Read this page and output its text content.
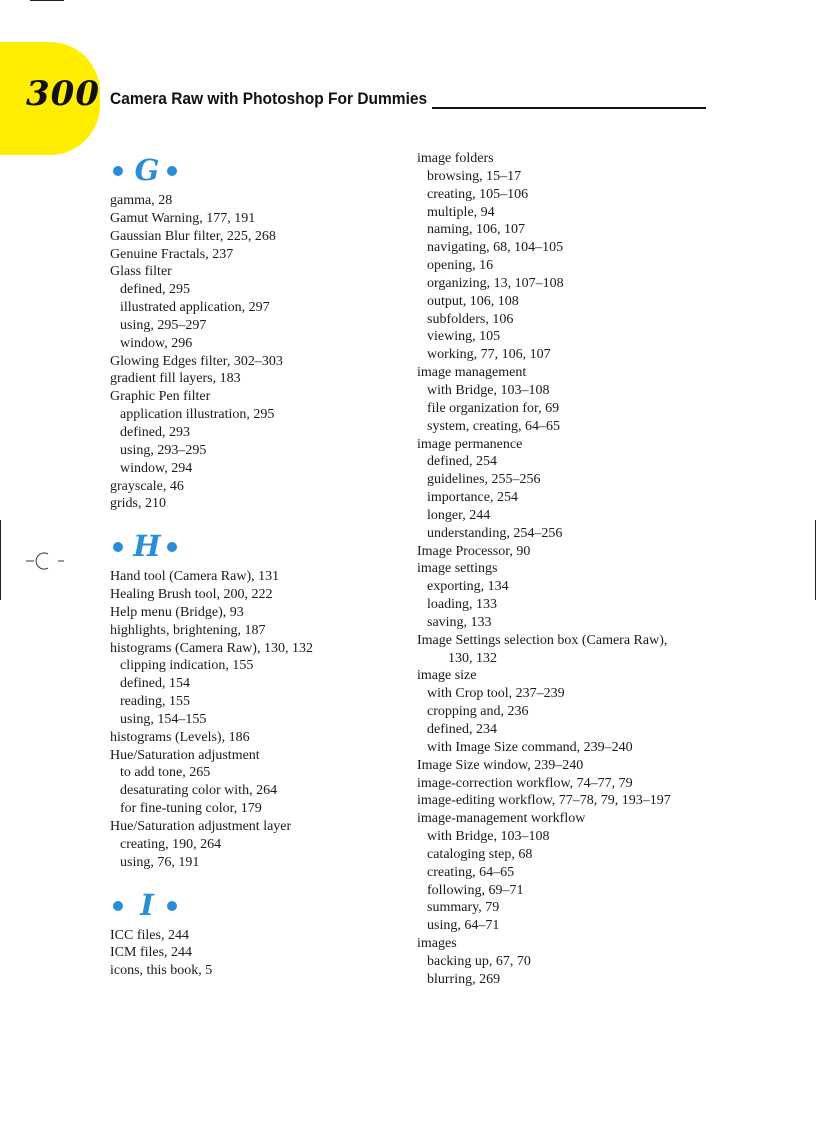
300 Camera Raw with Photoshop For Dummies
G
gamma, 28
Gamut Warning, 177, 191
Gaussian Blur filter, 225, 268
Genuine Fractals, 237
Glass filter
defined, 295
illustrated application, 297
using, 295–297
window, 296
Glowing Edges filter, 302–303
gradient fill layers, 183
Graphic Pen filter
application illustration, 295
defined, 293
using, 293–295
window, 294
grayscale, 46
grids, 210
H
Hand tool (Camera Raw), 131
Healing Brush tool, 200, 222
Help menu (Bridge), 93
highlights, brightening, 187
histograms (Camera Raw), 130, 132
clipping indication, 155
defined, 154
reading, 155
using, 154–155
histograms (Levels), 186
Hue/Saturation adjustment
to add tone, 265
desaturating color with, 264
for fine-tuning color, 179
Hue/Saturation adjustment layer
creating, 190, 264
using, 76, 191
I
ICC files, 244
ICM files, 244
icons, this book, 5
image folders
browsing, 15–17
creating, 105–106
multiple, 94
naming, 106, 107
navigating, 68, 104–105
opening, 16
organizing, 13, 107–108
output, 106, 108
subfolders, 106
viewing, 105
working, 77, 106, 107
image management
with Bridge, 103–108
file organization for, 69
system, creating, 64–65
image permanence
defined, 254
guidelines, 255–256
importance, 254
longer, 244
understanding, 254–256
Image Processor, 90
image settings
exporting, 134
loading, 133
saving, 133
Image Settings selection box (Camera Raw),
130, 132
image size
with Crop tool, 237–239
cropping and, 236
defined, 234
with Image Size command, 239–240
Image Size window, 239–240
image-correction workflow, 74–77, 79
image-editing workflow, 77–78, 79, 193–197
image-management workflow
with Bridge, 103–108
cataloging step, 68
creating, 64–65
following, 69–71
summary, 79
using, 64–71
images
backing up, 67, 70
blurring, 269
